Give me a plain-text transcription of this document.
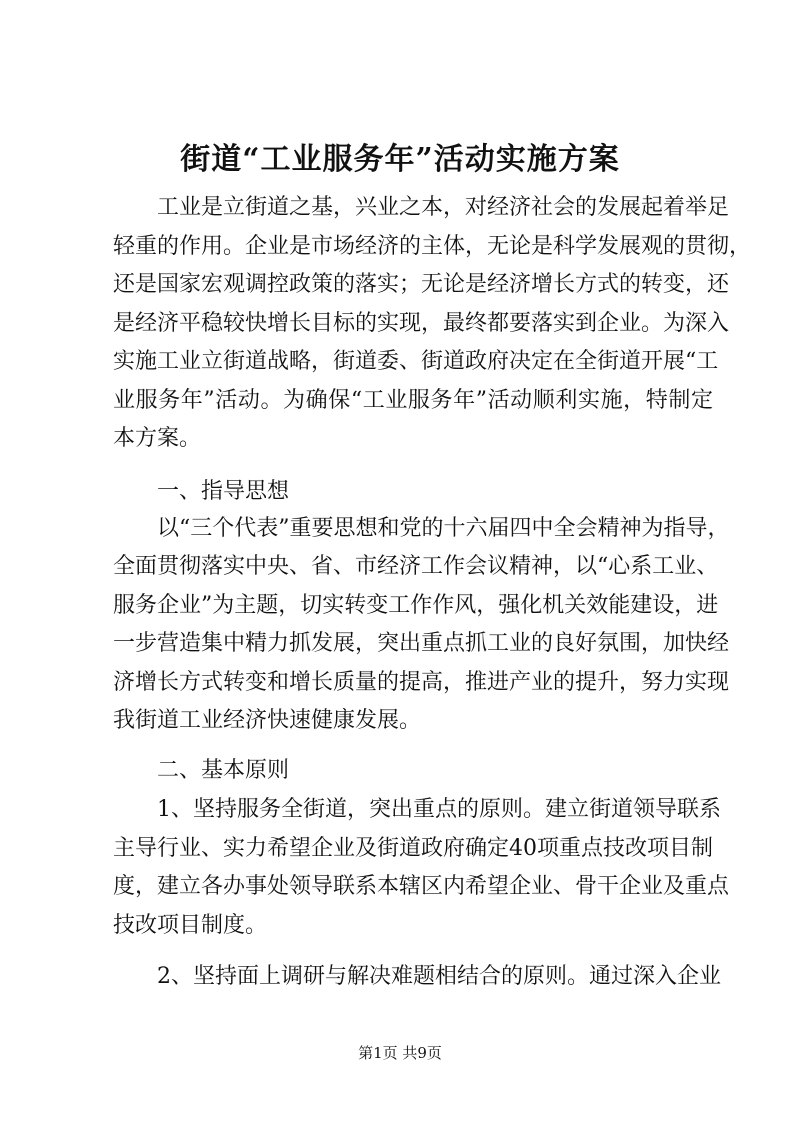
街道“工业服务年”活动实施方案

工业是立街道之基，兴业之本，对经济社会的发展起着举足

轻重的作用。企业是市场经济的主体，无论是科学发展观的贯彻，

还是国家宏观调控政策的落实；无论是经济增长方式的转变，还

是经济平稳较快增长目标的实现，最终都要落实到企业。为深入

实施工业立街道战略，街道委、街道政府决定在全街道开展“工

业服务年”活动。为确保“工业服务年”活动顺利实施，特制定

本方案。

一、指导思想

以“三个代表”重要思想和党的十六届四中全会精神为指导，

全面贯彻落实中央、省、市经济工作会议精神，以“心系工业、

服务企业”为主题，切实转变工作作风，强化机关效能建设，进

一步营造集中精力抓发展，突出重点抓工业的良好氛围，加快经

济增长方式转变和增长质量的提高，推进产业的提升，努力实现

我街道工业经济快速健康发展。

二、基本原则

1、坚持服务全街道，突出重点的原则。建立街道领导联系

主导行业、实力希望企业及街道政府确定40项重点技改项目制

度，建立各办事处领导联系本辖区内希望企业、骨干企业及重点

技改项目制度。

2、坚持面上调研与解决难题相结合的原则。通过深入企业

第1页 共9页
